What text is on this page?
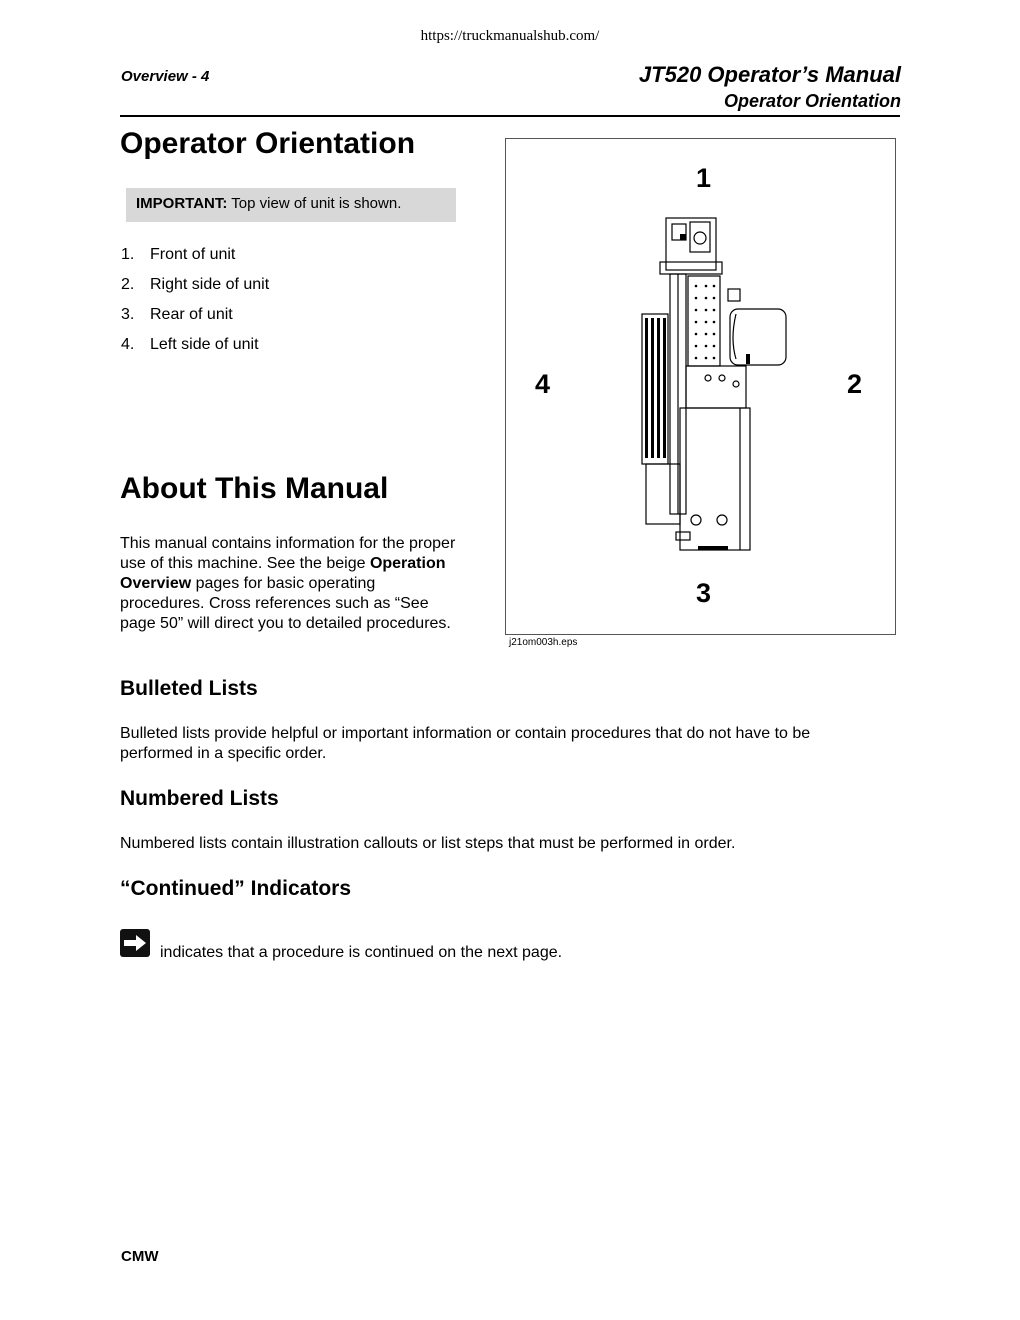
https://truckmanualshub.com/
Overview - 4	JT520 Operator’s Manual
Operator Orientation
Operator Orientation
IMPORTANT: Top view of unit is shown.
1. Front of unit
2. Right side of unit
3. Rear of unit
4. Left side of unit
1
2
3
4
j21om003h.eps
About This Manual

This manual contains information for the proper use of this machine. See the beige Operation Overview pages for basic operating procedures. Cross references such as “See page 50” will direct you to detailed procedures.

Bulleted Lists

Bulleted lists provide helpful or important information or contain procedures that do not have to be performed in a specific order.

Numbered Lists

Numbered lists contain illustration callouts or list steps that must be performed in order.

“Continued” Indicators
indicates that a procedure is continued on the next page.
CMW
